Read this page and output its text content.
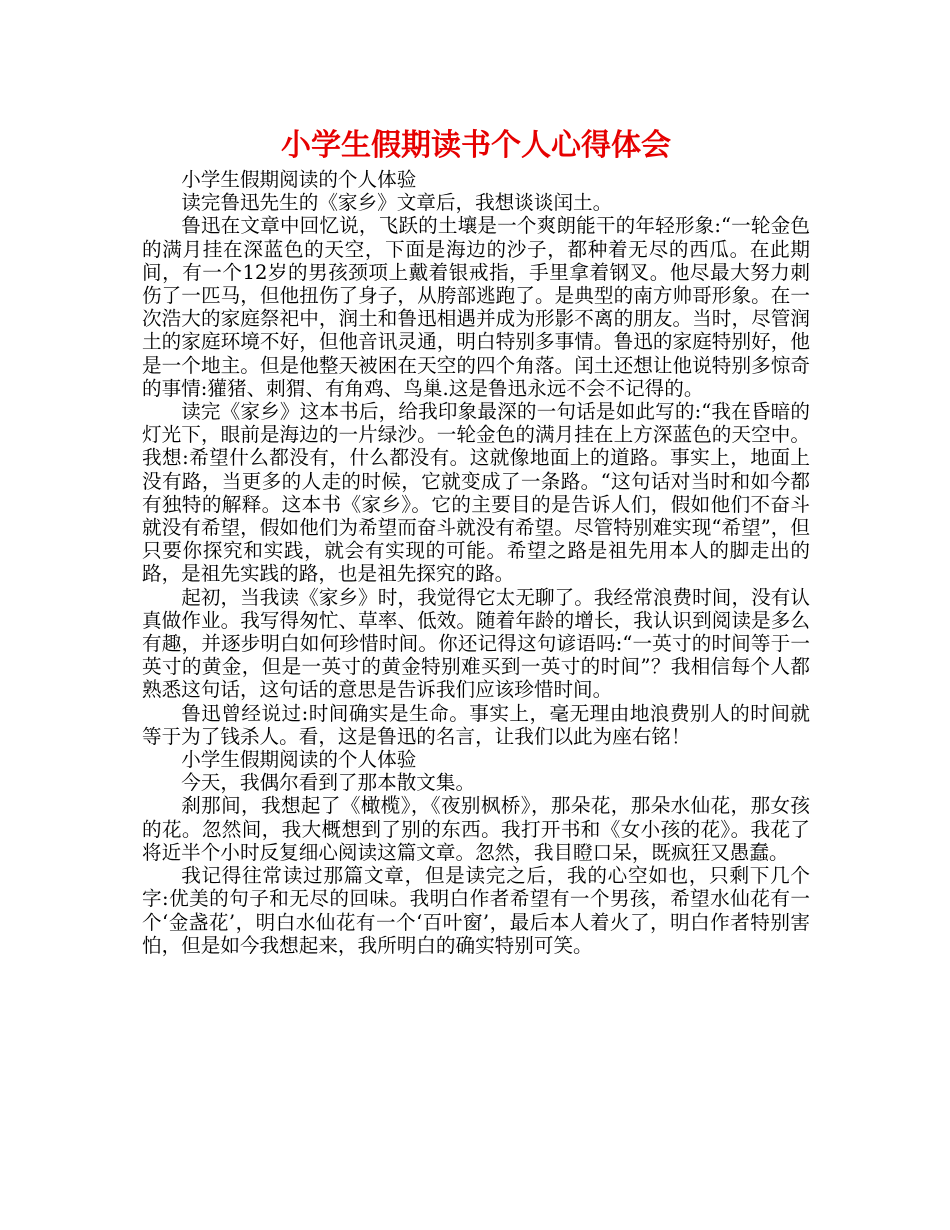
小学生假期读书个人心得体会

小学生假期阅读的个人体验

读完鲁迅先生的《家乡》文章后，我想谈谈闰土。

鲁迅在文章中回忆说，飞跃的土壤是一个爽朗能干的年轻形象:“一轮金色的满月挂在深蓝色的天空，下面是海边的沙子，都种着无尽的西瓜。在此期间，有一个12岁的男孩颈项上戴着银戒指，手里拿着钢叉。他尽最大努力刺伤了一匹马，但他扭伤了身子，从胯部逃跑了。是典型的南方帅哥形象。在一次浩大的家庭祭祀中，润土和鲁迅相遇并成为形影不离的朋友。当时，尽管润土的家庭环境不好，但他音讯灵通，明白特别多事情。鲁迅的家庭特别好，他是一个地主。但是他整天被困在天空的四个角落。闰土还想让他说特别多惊奇的事情:獾猪、刺猬、有角鸡、鸟巢.这是鲁迅永远不会不记得的。

读完《家乡》这本书后，给我印象最深的一句话是如此写的:“我在昏暗的灯光下，眼前是海边的一片绿沙。一轮金色的满月挂在上方深蓝色的天空中。我想:希望什么都没有，什么都没有。这就像地面上的道路。事实上，地面上没有路，当更多的人走的时候，它就变成了一条路。“这句话对当时和如今都有独特的解释。这本书《家乡》。它的主要目的是告诉人们，假如他们不奋斗就没有希望，假如他们为希望而奋斗就没有希望。尽管特别难实现“希望”，但只要你探究和实践，就会有实现的可能。希望之路是祖先用本人的脚走出的路，是祖先实践的路，也是祖先探究的路。

起初，当我读《家乡》时，我觉得它太无聊了。我经常浪费时间，没有认真做作业。我写得匆忙、草率、低效。随着年龄的增长，我认识到阅读是多么有趣，并逐步明白如何珍惜时间。你还记得这句谚语吗:“一英寸的时间等于一英寸的黄金，但是一英寸的黄金特别难买到一英寸的时间”？我相信每个人都熟悉这句话，这句话的意思是告诉我们应该珍惜时间。

鲁迅曾经说过:时间确实是生命。事实上，毫无理由地浪费别人的时间就等于为了钱杀人。看，这是鲁迅的名言，让我们以此为座右铭！

小学生假期阅读的个人体验

今天，我偶尔看到了那本散文集。

刹那间，我想起了《橄榄》，《夜别枫桥》，那朵花，那朵水仙花，那女孩的花。忽然间，我大概想到了别的东西。我打开书和《女小孩的花》。我花了将近半个小时反复细心阅读这篇文章。忽然，我目瞪口呆，既疯狂又愚蠢。

我记得往常读过那篇文章，但是读完之后，我的心空如也，只剩下几个字:优美的句子和无尽的回味。我明白作者希望有一个男孩，希望水仙花有一个‘金盏花’，明白水仙花有一个‘百叶窗’，最后本人着火了，明白作者特别害怕，但是如今我想起来，我所明白的确实特别可笑。
